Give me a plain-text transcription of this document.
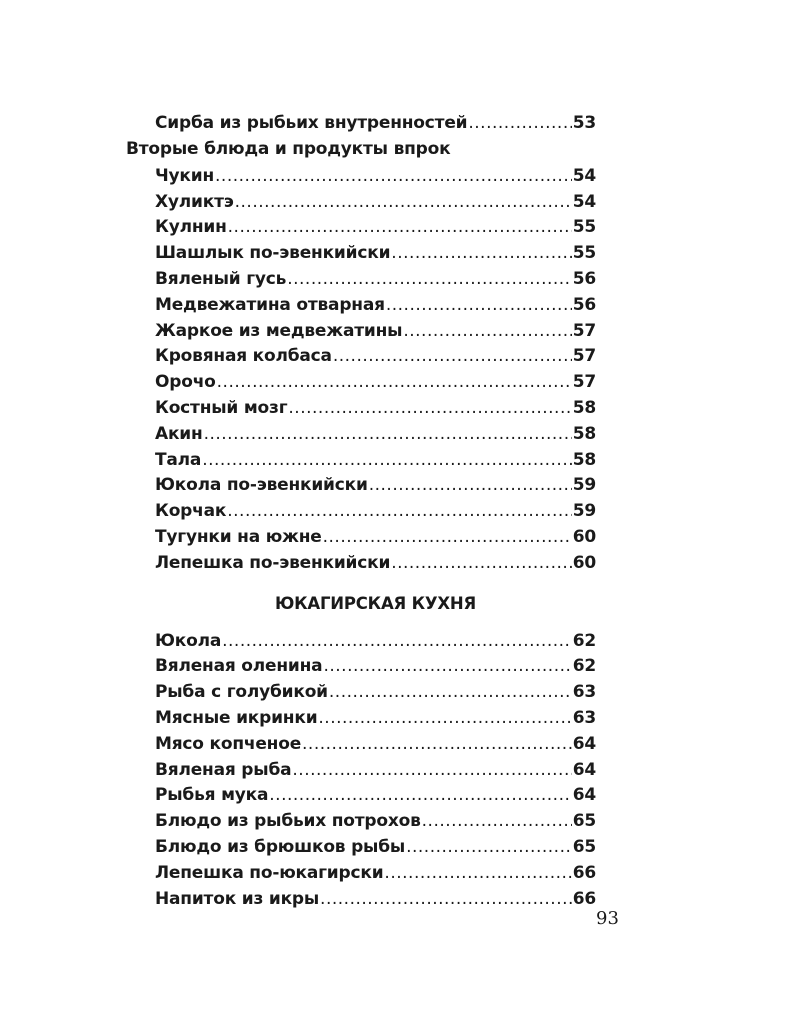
Сирба из рыбьих внутренностей .....	53
Вторые блюда и продукты впрок
Чукин .....	54
Хуликтэ .....	54
Кулнин .....	55
Шашлык по-эвенкийски .....	55
Вяленый гусь .....	56
Медвежатина отварная .....	56
Жаркое из медвежатины .....	57
Кровяная колбаса .....	57
Орочо .....	57
Костный мозг .....	58
Акин .....	58
Тала .....	58
Юкола по-эвенкийски .....	59
Корчак .....	59
Тугунки на южне .....	60
Лепешка по-эвенкийски .....	60
ЮКАГИРСКАЯ КУХНЯ
Юкола .....	62
Вяленая оленина .....	62
Рыба с голубикой .....	63
Мясные икринки .....	63
Мясо копченое .....	64
Вяленая рыба .....	64
Рыбья мука .....	64
Блюдо из рыбьих потрохов .....	65
Блюдо из брюшков рыбы .....	65
Лепешка по-юкагирски .....	66
Напиток из икры .....	66
93
